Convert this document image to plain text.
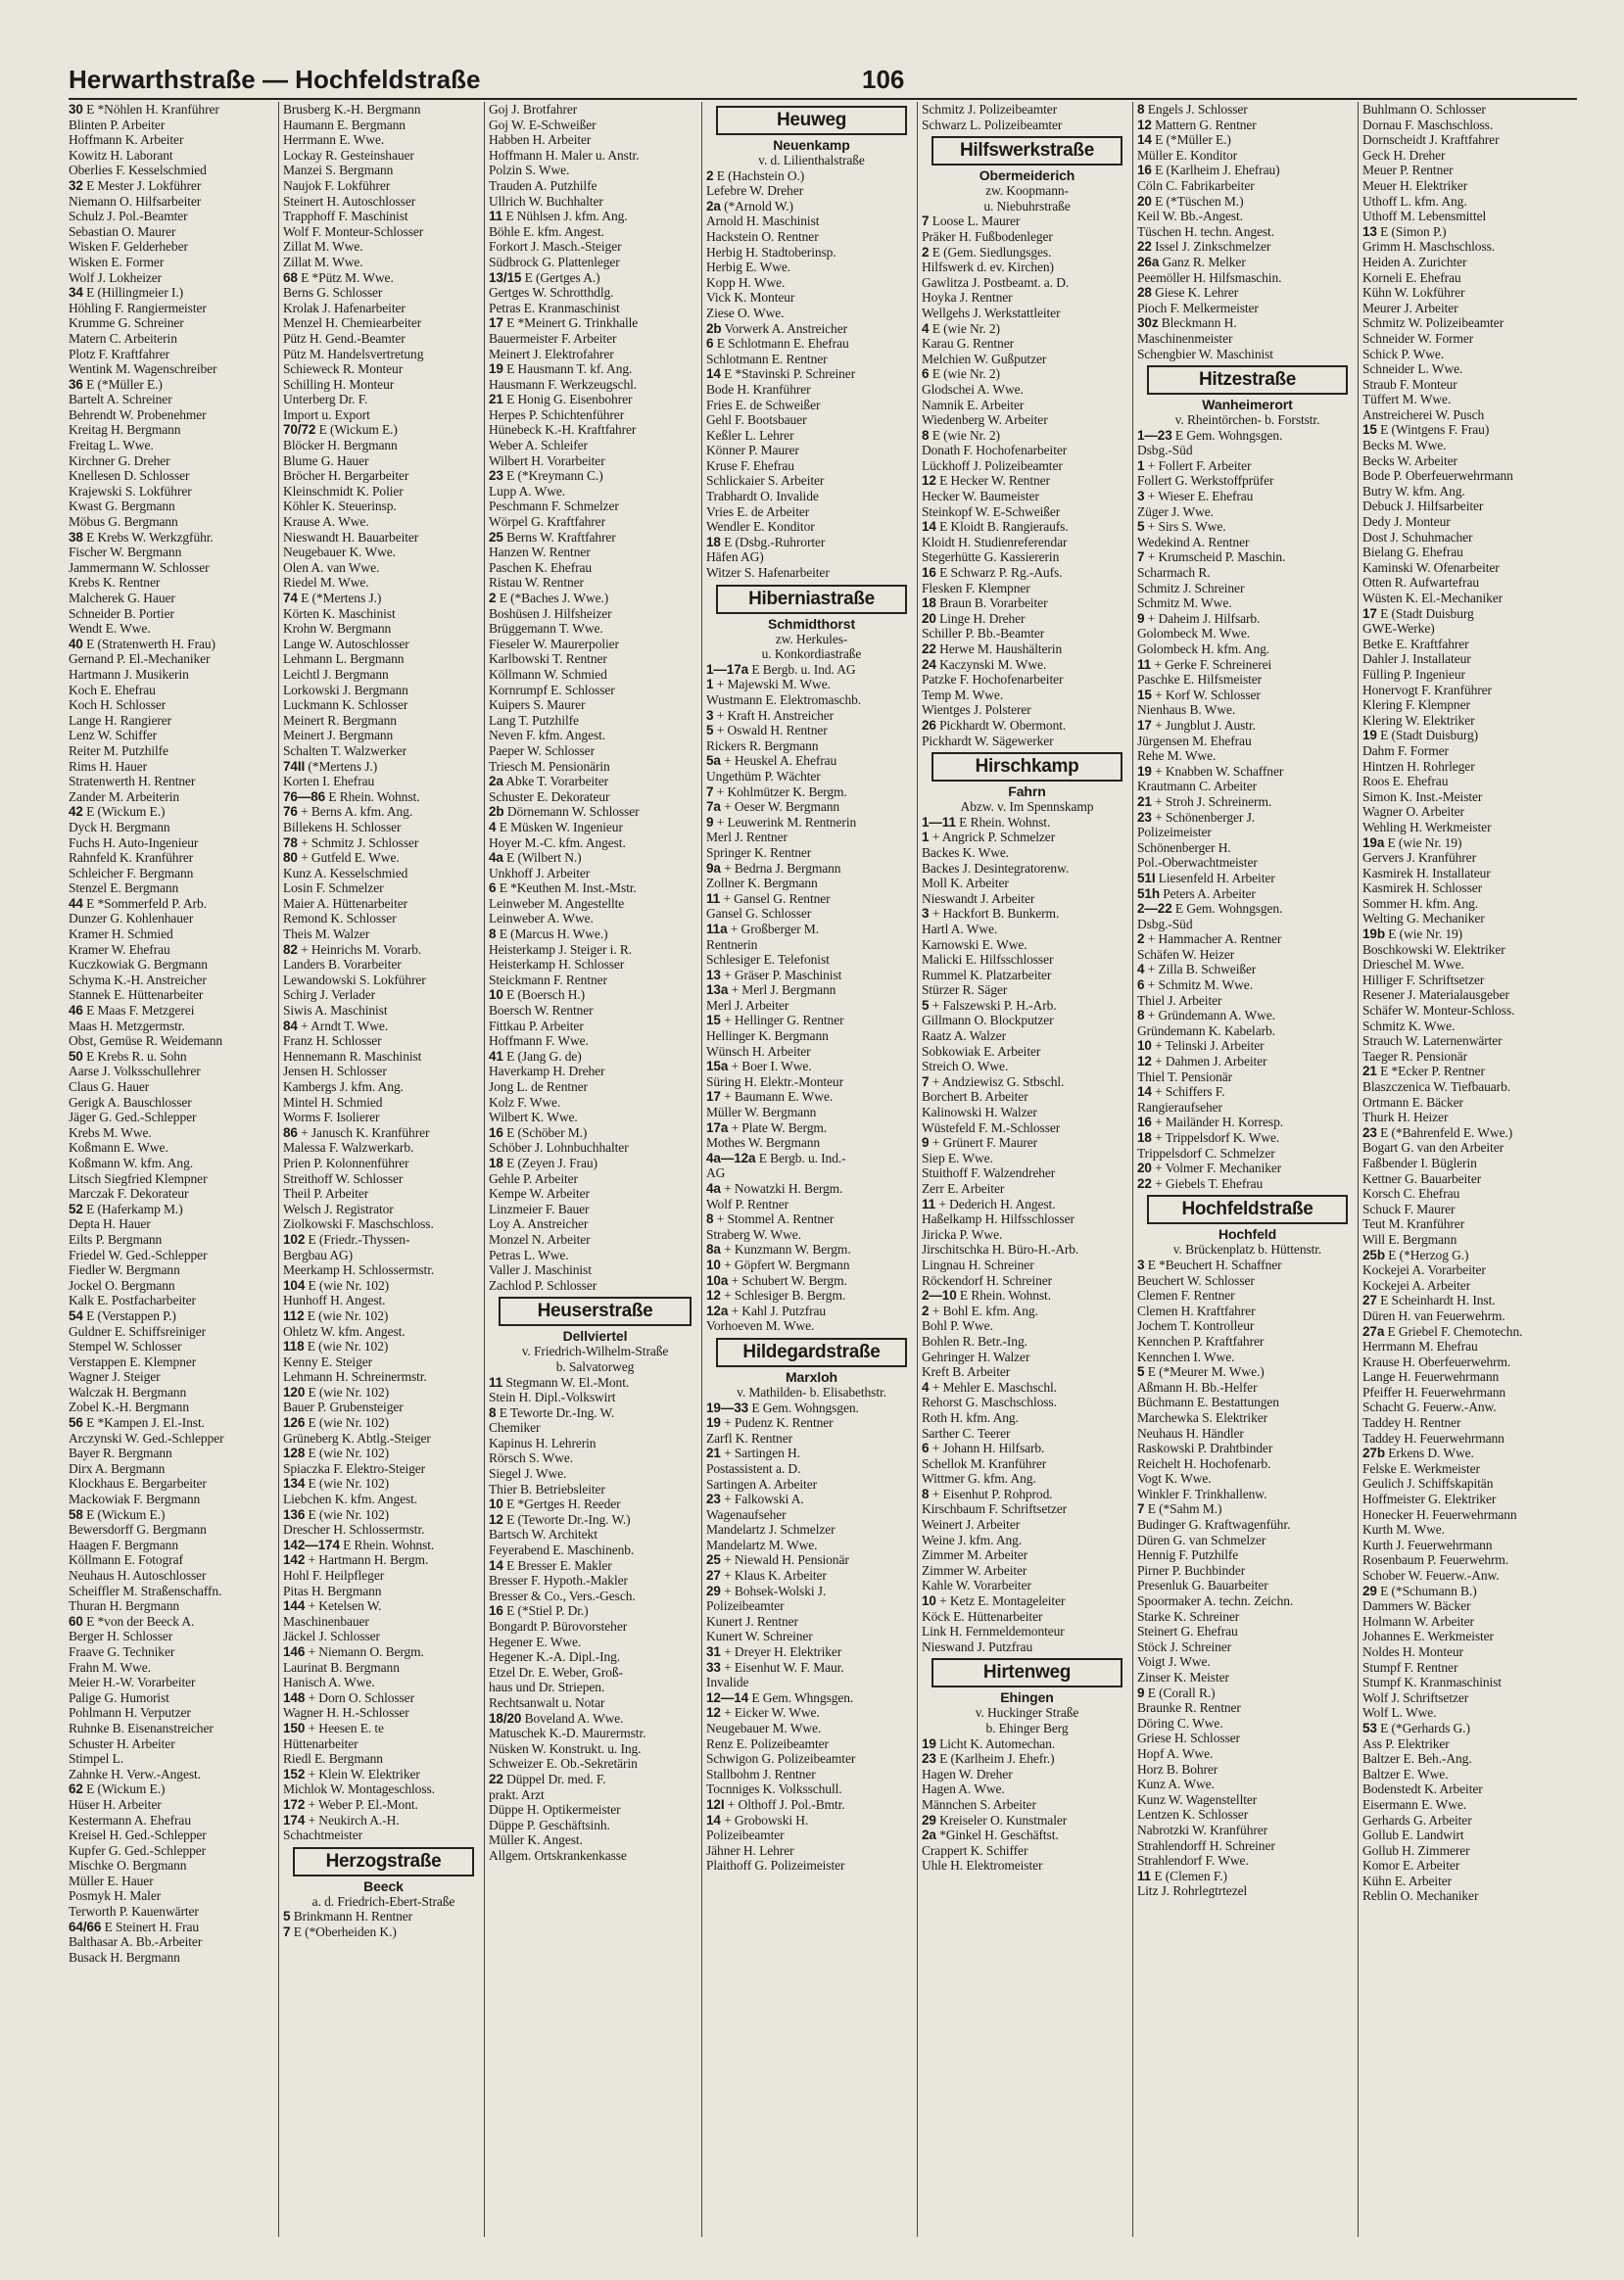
Herwarthstraße — Hochfeldstraße	106
30 E *Nöhlen H. Kranführer
Blinten P. Arbeiter
Hoffmann K. Arbeiter
Kowitz H. Laborant
Oberlies F. Kesselschmied
32 E Mester J. Lokführer
Niemann O. Hilfsarbeiter
Schulz J. Pol.-Beamter
Sebastian O. Maurer
Wisken F. Gelderheber
Wisken E. Former
Wolf J. Lokheizer
34 E (Hillingmeier I.)
Höhling F. Rangiermeister
Krumme G. Schreiner
Matern C. Arbeiterin
Plotz F. Kraftfahrer
Wentink M. Wagenschreiber
36 E (*Müller E.)
Bartelt A. Schreiner
Behrendt W. Probenehmer
Kreitag H. Bergmann
Freitag L. Wwe.
Kirchner G. Dreher
Knellesen D. Schlosser
Krajewski S. Lokführer
Kwast G. Bergmann
Möbus G. Bergmann
38 E Krebs W. Werkzgführ.
Fischer W. Bergmann
Jammermann W. Schlosser
Krebs K. Rentner
Malcherek G. Hauer
Schneider B. Portier
Wendt E. Wwe.
40 E (Stratenwerth H. Frau)
Gernand P. El.-Mechaniker
Hartmann J. Musikerin
Koch E. Ehefrau
Koch H. Schlosser
Lange H. Rangierer
Lenz W. Schiffer
Reiter M. Putzhilfe
Rims H. Hauer
Stratenwerth H. Rentner
Zander M. Arbeiterin
42 E (Wickum E.)
Dyck H. Bergmann
Fuchs H. Auto-Ingenieur
Rahnfeld K. Kranführer
Schleicher F. Bergmann
Stenzel E. Bergmann
44 E *Sommerfeld P. Arb.
Dunzer G. Kohlenhauer
Kramer H. Schmied
Kramer W. Ehefrau
Kuczkowiak G. Bergmann
Schyma K.-H. Anstreicher
Stannek E. Hüttenarbeiter
46 E Maas F. Metzgerei
Maas H. Metzgermstr.
Obst, Gemüse R. Weidemann
50 E Krebs R. u. Sohn
Aarse J. Volksschullehrer
Claus G. Hauer
Gerigk A. Bauschlosser
Jäger G. Ged.-Schlepper
Krebs M. Wwe.
Koßmann E. Wwe.
Koßmann W. kfm. Ang.
Litsch Siegfried Klempner
Marczak F. Dekorateur
52 E (Haferkamp M.)
Depta H. Hauer
Eilts P. Bergmann
Friedel W. Ged.-Schlepper
Fiedler W. Bergmann
Jockel O. Bergmann
Kalk E. Postfacharbeiter
54 E (Verstappen P.)
Guldner E. Schiffsreiniger
Stempel W. Schlosser
Verstappen E. Klempner
Wagner J. Steiger
Walczak H. Bergmann
Zobel K.-H. Bergmann
56 E *Kampen J. El.-Inst.
Arczynski W. Ged.-Schlepper
Bayer R. Bergmann
Dirx A. Bergmann
Klockhaus E. Bergarbeiter
Mackowiak F. Bergmann
58 E (Wickum E.)
Bewersdorff G. Bergmann
Haagen F. Bergmann
Köllmann E. Fotograf
Neuhaus H. Autoschlosser
Scheiffler M. Straßenschaffn.
Thuran H. Bergmann
60 E *von der Beeck A.
Berger H. Schlosser
Fraave G. Techniker
Frahn M. Wwe.
Meier H.-W. Vorarbeiter
Palige G. Humorist
Pohlmann H. Verputzer
Ruhnke B. Eisenanstreicher
Schuster H. Arbeiter
Stimpel L.
Zahnke H. Verw.-Angest.
62 E (Wickum E.)
Hüser H. Arbeiter
Kestermann A. Ehefrau
Kreisel H. Ged.-Schlepper
Kupfer G. Ged.-Schlepper
Mischke O. Bergmann
Müller E. Hauer
Posmyk H. Maler
Terworth P. Kauenwärter
64/66 E Steinert H. Frau
Balthasar A. Bb.-Arbeiter
Busack H. Bergmann
Brusberg K.-H. Bergmann
Haumann E. Bergmann
Herrmann E. Wwe.
Lockay R. Gesteinshauer
Manzei S. Bergmann
Naujok F. Lokführer
Steinert H. Autoschlosser
Trapphoff F. Maschinist
Wolf F. Monteur-Schlosser
Zillat M. Wwe.
Zillat M. Wwe.
68 E *Pütz M. Wwe.
Berns G. Schlosser
Krolak J. Hafenarbeiter
Menzel H. Chemiearbeiter
Pütz H. Gend.-Beamter
Pütz M. Handelsvertretung
Schieweck R. Monteur
Schilling H. Monteur
Unterberg Dr. F.
Import u. Export
70/72 E (Wickum E.)
Blöcker H. Bergmann
Blume G. Hauer
Bröcher H. Bergarbeiter
Kleinschmidt K. Polier
Köhler K. Steuerinsp.
Krause A. Wwe.
Nieswandt H. Bauarbeiter
Neugebauer K. Wwe.
Olen A. van Wwe.
Riedel M. Wwe.
74 E (*Mertens J.)
Körten K. Maschinist
Krohn W. Bergmann
Lange W. Autoschlosser
Lehmann L. Bergmann
Leichtl J. Bergmann
Lorkowski J. Bergmann
Luckmann K. Schlosser
Meinert R. Bergmann
Meinert J. Bergmann
Schalten T. Walzwerker
74II (*Mertens J.)
Korten I. Ehefrau
76—86 E Rhein. Wohnst.
76 + Berns A. kfm. Ang.
Billekens H. Schlosser
78 + Schmitz J. Schlosser
80 + Gutfeld E. Wwe.
Kunz A. Kesselschmied
Losin F. Schmelzer
Maier A. Hüttenarbeiter
Remond K. Schlosser
Theis M. Walzer
82 + Heinrichs M. Vorarb.
Landers B. Vorarbeiter
Lewandowski S. Lokführer
Schirg J. Verlader
Siwis A. Maschinist
84 + Arndt T. Wwe.
Franz H. Schlosser
Hennemann R. Maschinist
Jensen H. Schlosser
Kambergs J. kfm. Ang.
Mintel H. Schmied
Worms F. Isolierer
86 + Janusch K. Kranführer
Malessa F. Walzwerkarb.
Prien P. Kolonnenführer
Streithoff W. Schlosser
Theil P. Arbeiter
Welsch J. Registrator
Ziolkowski F. Maschschloss.
102 E (Friedr.-Thyssen-
Bergbau AG)
Meerkamp H. Schlossermstr.
104 E (wie Nr. 102)
Hunhoff H. Angest.
112 E (wie Nr. 102)
Ohletz W. kfm. Angest.
118 E (wie Nr. 102)
Kenny E. Steiger
Lehmann H. Schreinermstr.
120 E (wie Nr. 102)
Bauer P. Grubensteiger
126 E (wie Nr. 102)
Grüneberg K. Abtlg.-Steiger
128 E (wie Nr. 102)
Spiaczka F. Elektro-Steiger
134 E (wie Nr. 102)
Liebchen K. kfm. Angest.
136 E (wie Nr. 102)
Drescher H. Schlossermstr.
142—174 E Rhein. Wohnst.
142 + Hartmann H. Bergm.
Hohl F. Heilpfleger
Pitas H. Bergmann
144 + Ketelsen W.
Maschinenbauer
Jäckel J. Schlosser
146 + Niemann O. Bergm.
Laurinat B. Bergmann
Hanisch A. Wwe.
148 + Dorn O. Schlosser
Wagner H. H.-Schlosser
150 + Heesen E. te
Hüttenarbeiter
Riedl E. Bergmann
152 + Klein W. Elektriker
Michlok W. Montageschloss.
172 + Weber P. El.-Mont.
174 + Neukirch A.-H.
Schachtmeister
Herzogstraße
Beeck
a. d. Friedrich-Ebert-Straße
5 Brinkmann H. Rentner
7 E (*Oberheiden K.)
Goj J. Brotfahrer
Goj W. E-Schweißer
Habben H. Arbeiter
Hoffmann H. Maler u. Anstr.
Polzin S. Wwe.
Trauden A. Putzhilfe
Ullrich W. Buchhalter
11 E Nühlsen J. kfm. Ang.
Böhle E. kfm. Angest.
Forkort J. Masch.-Steiger
Südbrock G. Plattenleger
13/15 E (Gertges A.)
Gertges W. Schrotthdlg.
Petras E. Kranmaschinist
17 E *Meinert G. Trinkhalle
Bauermeister F. Arbeiter
Meinert J. Elektrofahrer
19 E Hausmann T. kf. Ang.
Hausmann F. Werkzeugschl.
21 E Honig G. Eisenbohrer
Herpes P. Schichtenführer
Hünebeck K.-H. Kraftfahrer
Weber A. Schleifer
Wilbert H. Vorarbeiter
23 E (*Kreymann C.)
Lupp A. Wwe.
Peschmann F. Schmelzer
Wörpel G. Kraftfahrer
25 Berns W. Kraftfahrer
Hanzen W. Rentner
Paschen K. Ehefrau
Ristau W. Rentner
2 E (*Baches J. Wwe.)
Boshüsen J. Hilfsheizer
Brüggemann T. Wwe.
Fieseler W. Maurerpolier
Karlbowski T. Rentner
Köllmann W. Schmied
Kornrumpf E. Schlosser
Kuipers S. Maurer
Lang T. Putzhilfe
Neven F. kfm. Angest.
Paeper W. Schlosser
Triesch M. Pensionärin
2a Abke T. Vorarbeiter
Schuster E. Dekorateur
2b Dörnemann W. Schlosser
4 E Müsken W. Ingenieur
Hoyer M.-C. kfm. Angest.
4a E (Wilbert N.)
Unkhoff J. Arbeiter
6 E *Keuthen M. Inst.-Mstr.
Leinweber M. Angestellte
Leinweber A. Wwe.
8 E (Marcus H. Wwe.)
Heisterkamp J. Steiger i. R.
Heisterkamp H. Schlosser
Steickmann F. Rentner
10 E (Boersch H.)
Boersch W. Rentner
Fittkau P. Arbeiter
Hoffmann F. Wwe.
41 E (Jang G. de)
Haverkamp H. Dreher
Jong L. de Rentner
Kolz F. Wwe.
Wilbert K. Wwe.
16 E (Schöber M.)
Schöber J. Lohnbuchhalter
18 E (Zeyen J. Frau)
Gehle P. Arbeiter
Kempe W. Arbeiter
Linzmeier F. Bauer
Loy A. Anstreicher
Monzel N. Arbeiter
Petras L. Wwe.
Valler J. Maschinist
Zachlod P. Schlosser
Heuserstraße
Dellviertel
v. Friedrich-Wilhelm-Straße
b. Salvatorweg
11 Stegmann W. El.-Mont.
Stein H. Dipl.-Volkswirt
8 E Teworte Dr.-Ing. W.
Chemiker
Kapinus H. Lehrerin
Rörsch S. Wwe.
Siegel J. Wwe.
Thier B. Betriebsleiter
10 E *Gertges H. Reeder
12 E (Teworte Dr.-Ing. W.)
Bartsch W. Architekt
Feyerabend E. Maschinenb.
14 E Bresser E. Makler
Bresser F. Hypoth.-Makler
Bresser & Co., Vers.-Gesch.
16 E (*Stiel P. Dr.)
Bongardt P. Bürovorsteher
Hegener E. Wwe.
Hegener K.-A. Dipl.-Ing.
Etzel Dr. E. Weber, Groß-
haus und Dr. Striepen.
Rechtsanwalt u. Notar
18/20 Boveland A. Wwe.
Matuschek K.-D. Maurermstr.
Nüsken W. Konstrukt. u. Ing.
Schweizer E. Ob.-Sekretärin
22 Düppel Dr. med. F.
prakt. Arzt
Düppe H. Optikermeister
Düppe P. Geschäftsinh.
Müller K. Angest.
Allgem. Ortskrankenkasse
Heuweg
Neuenkamp
v. d. Lilienthalstraße
2 E (Hachstein O.)
Lefebre W. Dreher
2a (*Arnold W.)
Arnold H. Maschinist
Hackstein O. Rentner
Herbig H. Stadtoberinsp.
Herbig E. Wwe.
Kopp H. Wwe.
Vick K. Monteur
Ziese O. Wwe.
2b Vorwerk A. Anstreicher
6 E Schlotmann E. Ehefrau
Schlotmann E. Rentner
14 E *Stavinski P. Schreiner
Bode H. Kranführer
Fries E. de Schweißer
Gehl F. Bootsbauer
Keßler L. Lehrer
Könner P. Maurer
Kruse F. Ehefrau
Schlickaier S. Arbeiter
Trabhardt O. Invalide
Vries E. de Arbeiter
Wendler E. Konditor
18 E (Dsbg.-Ruhrorter
Häfen AG)
Witzer S. Hafenarbeiter
Hiberniastraße
Schmidthorst
zw. Herkules-
u. Konkordiastraße
1—17a E Bergb. u. Ind. AG
1 + Majewski M. Wwe.
Wustmann E. Elektromaschb.
3 + Kraft H. Anstreicher
5 + Oswald H. Rentner
Rickers R. Bergmann
5a + Heuskel A. Ehefrau
Ungethüm P. Wächter
7 + Kohlmützer K. Bergm.
7a + Oeser W. Bergmann
9 + Leuwerink M. Rentnerin
Merl J. Rentner
Springer K. Rentner
9a + Bedrna J. Bergmann
Zollner K. Bergmann
11 + Gansel G. Rentner
Gansel G. Schlosser
11a + Großberger M.
Rentnerin
Schlesiger E. Telefonist
13 + Gräser P. Maschinist
13a + Merl J. Bergmann
Merl J. Arbeiter
15 + Hellinger G. Rentner
Hellinger K. Bergmann
Wünsch H. Arbeiter
15a + Boer I. Wwe.
Süring H. Elektr.-Monteur
17 + Baumann E. Wwe.
Müller W. Bergmann
17a + Plate W. Bergm.
Mothes W. Bergmann
4a—12a E Bergb. u. Ind.-
AG
4a + Nowatzki H. Bergm.
Wolf P. Rentner
8 + Stommel A. Rentner
Straberg W. Wwe.
8a + Kunzmann W. Bergm.
10 + Göpfert W. Bergmann
10a + Schubert W. Bergm.
12 + Schlesiger B. Bergm.
12a + Kahl J. Putzfrau
Vorhoeven M. Wwe.
Hildegardstraße
Marxloh
v. Mathilden- b. Elisabethstr.
19—33 E Gem. Wohngsgen.
19 + Pudenz K. Rentner
Zarfl K. Rentner
21 + Sartingen H.
Postassistent a. D.
Sartingen A. Arbeiter
23 + Falkowski A.
Wagenaufseher
Mandelartz J. Schmelzer
Mandelartz M. Wwe.
25 + Niewald H. Pensionär
27 + Klaus K. Arbeiter
29 + Bohsek-Wolski J.
Polizeibeamter
Kunert J. Rentner
Kunert W. Schreiner
31 + Dreyer H. Elektriker
33 + Eisenhut W. F. Maur.
Invalide
12—14 E Gem. Whngsgen.
12 + Eicker W. Wwe.
Neugebauer M. Wwe.
Renz E. Polizeibeamter
Schwigon G. Polizeibeamter
Stallbohm J. Rentner
Tocnniges K. Volksschull.
12I + Olthoff J. Pol.-Bmtr.
14 + Grobowski H.
Polizeibeamter
Jähner H. Lehrer
Plaithoff G. Polizeimeister
Schmitz J. Polizeibeamter
Schwarz L. Polizeibeamter
Hilfswerkstraße
Obermeiderich
zw. Koopmann-
u. Niebuhrstraße
7 Loose L. Maurer
Präker H. Fußbodenleger
2 E (Gem. Siedlungsges.
Hilfswerk d. ev. Kirchen)
Gawlitza J. Postbeamt. a. D.
Hoyka J. Rentner
Wellgehs J. Werkstattleiter
4 E (wie Nr. 2)
Karau G. Rentner
Melchien W. Gußputzer
6 E (wie Nr. 2)
Glodschei A. Wwe.
Namnik E. Arbeiter
Wiedenberg W. Arbeiter
8 E (wie Nr. 2)
Donath F. Hochofenarbeiter
Lückhoff J. Polizeibeamter
12 E Hecker W. Rentner
Hecker W. Baumeister
Steinkopf W. E-Schweißer
14 E Kloidt B. Rangieraufs.
Kloidt H. Studienreferendar
Stegerhütte G. Kassiererin
16 E Schwarz P. Rg.-Aufs.
Flesken F. Klempner
18 Braun B. Vorarbeiter
20 Linge H. Dreher
Schiller P. Bb.-Beamter
22 Herwe M. Haushälterin
24 Kaczynski M. Wwe.
Patzke F. Hochofenarbeiter
Temp M. Wwe.
Wientges J. Polsterer
26 Pickhardt W. Obermont.
Pickhardt W. Sägewerker
Hirschkamp
Fahrn
Abzw. v. Im Spennskamp
1—11 E Rhein. Wohnst.
1 + Angrick P. Schmelzer
Backes K. Wwe.
Backes J. Desintegratorenw.
Moll K. Arbeiter
Nieswandt J. Arbeiter
3 + Hackfort B. Bunkerm.
Hartl A. Wwe.
Karnowski E. Wwe.
Malicki E. Hilfsschlosser
Rummel K. Platzarbeiter
Stürzer R. Säger
5 + Falszewski P. H.-Arb.
Gillmann O. Blockputzer
Raatz A. Walzer
Sobkowiak E. Arbeiter
Streich O. Wwe.
7 + Andziewisz G. Stbschl.
Borchert B. Arbeiter
Kalinowski H. Walzer
Wüstefeld F. M.-Schlosser
9 + Grünert F. Maurer
Siep E. Wwe.
Stuithoff F. Walzendreher
Zerr E. Arbeiter
11 + Dederich H. Angest.
Haßelkamp H. Hilfsschlosser
Jiricka P. Wwe.
Jirschitschka H. Büro-H.-Arb.
Lingnau H. Schreiner
Röckendorf H. Schreiner
2—10 E Rhein. Wohnst.
2 + Bohl E. kfm. Ang.
Bohl P. Wwe.
Bohlen R. Betr.-Ing.
Gehringer H. Walzer
Kreft B. Arbeiter
4 + Mehler E. Maschschl.
Rehorst G. Maschschloss.
Roth H. kfm. Ang.
Sarther C. Teerer
6 + Johann H. Hilfsarb.
Schellok M. Kranführer
Wittmer G. kfm. Ang.
8 + Eisenhut P. Rohprod.
Kirschbaum F. Schriftsetzer
Weinert J. Arbeiter
Weine J. kfm. Ang.
Zimmer M. Arbeiter
Zimmer W. Arbeiter
Kahle W. Vorarbeiter
10 + Ketz E. Montageleiter
Köck E. Hüttenarbeiter
Link H. Fernmeldemonteur
Nieswand J. Putzfrau
Hirtenweg
Ehingen
v. Huckinger Straße
b. Ehinger Berg
19 Licht K. Automechan.
23 E (Karlheim J. Ehefr.)
Hagen W. Dreher
Hagen A. Wwe.
Männchen S. Arbeiter
29 Kreiseler O. Kunstmaler
2a *Ginkel H. Geschäftst.
Crappert K. Schiffer
Uhle H. Elektromeister
8 Engels J. Schlosser
12 Mattern G. Rentner
14 E (*Müller E.)
Müller E. Konditor
16 E (Karlheim J. Ehefrau)
Cöln C. Fabrikarbeiter
20 E (*Tüschen M.)
Keil W. Bb.-Angest.
Tüschen H. techn. Angest.
22 Issel J. Zinkschmelzer
26a Ganz R. Melker
Peemöller H. Hilfsmaschin.
28 Giese K. Lehrer
Pioch F. Melkermeister
30z Bleckmann H.
Maschinenmeister
Schengbier W. Maschinist
Hitzestraße
Wanheimerort
v. Rheintörchen- b. Forststr.
1—23 E Gem. Wohngsgen.
Dsbg.-Süd
1 + Follert F. Arbeiter
Follert G. Werkstoffprüfer
3 + Wieser E. Ehefrau
Züger J. Wwe.
5 + Sirs S. Wwe.
Wedekind A. Rentner
7 + Krumscheid P. Maschin.
Scharmach R.
Schmitz J. Schreiner
Schmitz M. Wwe.
9 + Daheim J. Hilfsarb.
Golombeck M. Wwe.
Golombeck H. kfm. Ang.
11 + Gerke F. Schreinerei
Paschke E. Hilfsmeister
15 + Korf W. Schlosser
Nienhaus B. Wwe.
17 + Jungblut J. Austr.
Jürgensen M. Ehefrau
Rehe M. Wwe.
19 + Knabben W. Schaffner
Krautmann C. Arbeiter
21 + Stroh J. Schreinerm.
23 + Schönenberger J.
Polizeimeister
Schönenberger H.
Pol.-Oberwachtmeister
51I Liesenfeld H. Arbeiter
51h Peters A. Arbeiter
2—22 E Gem. Wohngsgen.
Dsbg.-Süd
2 + Hammacher A. Rentner
Schäfen W. Heizer
4 + Zilla B. Schweißer
6 + Schmitz M. Wwe.
Thiel J. Arbeiter
8 + Gründemann A. Wwe.
Gründemann K. Kabelarb.
10 + Telinski J. Arbeiter
12 + Dahmen J. Arbeiter
Thiel T. Pensionär
14 + Schiffers F.
Rangieraufseher
16 + Mailänder H. Korresp.
18 + Trippelsdorf K. Wwe.
Trippelsdorf C. Schmelzer
20 + Volmer F. Mechaniker
22 + Giebels T. Ehefrau
Hochfeldstraße
Hochfeld
v. Brückenplatz b. Hüttenstr.
3 E *Beuchert H. Schaffner
Beuchert W. Schlosser
Clemen F. Rentner
Clemen H. Kraftfahrer
Jochem T. Kontrolleur
Kennchen P. Kraftfahrer
Kennchen I. Wwe.
5 E (*Meurer M. Wwe.)
Aßmann H. Bb.-Helfer
Büchmann E. Bestattungen
Marchewka S. Elektriker
Neuhaus H. Händler
Raskowski P. Drahtbinder
Reichelt H. Hochofenarb.
Vogt K. Wwe.
Winkler F. Trinkhallenw.
7 E (*Sahm M.)
Budinger G. Kraftwagenführ.
Düren G. van Schmelzer
Hennig F. Putzhilfe
Pirner P. Buchbinder
Presenluk G. Bauarbeiter
Spoormaker A. techn. Zeichn.
Starke K. Schreiner
Steinert G. Ehefrau
Stöck J. Schreiner
Voigt J. Wwe.
Zinser K. Meister
9 E (Corall R.)
Braunke R. Rentner
Döring C. Wwe.
Griese H. Schlosser
Hopf A. Wwe.
Horz B. Bohrer
Kunz A. Wwe.
Kunz W. Wagenstellter
Lentzen K. Schlosser
Nabrotzki W. Kranführer
Strahlendorff H. Schreiner
Strahlendorf F. Wwe.
11 E (Clemen F.)
Litz J. Rohrlegtrtezel
Buhlmann O. Schlosser
Dornau F. Maschschloss.
Dornscheidt J. Kraftfahrer
Geck H. Dreher
Meuer P. Rentner
Meuer H. Elektriker
Uthoff L. kfm. Ang.
Uthoff M. Lebensmittel
13 E (Simon P.)
Grimm H. Maschschloss.
Heiden A. Zurichter
Korneli E. Ehefrau
Kühn W. Lokführer
Meurer J. Arbeiter
Schmitz W. Polizeibeamter
Schneider W. Former
Schick P. Wwe.
Schneider L. Wwe.
Straub F. Monteur
Tüffert M. Wwe.
Anstreicherei W. Pusch
15 E (Wintgens F. Frau)
Becks M. Wwe.
Becks W. Arbeiter
Bode P. Oberfeuerwehrmann
Butry W. kfm. Ang.
Debuck J. Hilfsarbeiter
Dedy J. Monteur
Dost J. Schuhmacher
Bielang G. Ehefrau
Kaminski W. Ofenarbeiter
Otten R. Aufwartefrau
Wüsten K. El.-Mechaniker
17 E (Stadt Duisburg
GWE-Werke)
Betke E. Kraftfahrer
Dahler J. Installateur
Fülling P. Ingenieur
Honervogt F. Kranführer
Klering F. Klempner
Klering W. Elektriker
19 E (Stadt Duisburg)
Dahm F. Former
Hintzen H. Rohrleger
Roos E. Ehefrau
Simon K. Inst.-Meister
Wagner O. Arbeiter
Wehling H. Werkmeister
19a E (wie Nr. 19)
Gervers J. Kranführer
Kasmirek H. Installateur
Kasmirek H. Schlosser
Sommer H. kfm. Ang.
Welting G. Mechaniker
19b E (wie Nr. 19)
Boschkowski W. Elektriker
Drieschel M. Wwe.
Hilliger F. Schriftsetzer
Resener J. Materialausgeber
Schäfer W. Monteur-Schloss.
Schmitz K. Wwe.
Strauch W. Laternenwärter
Taeger R. Pensionär
21 E *Ecker P. Rentner
Blaszczenica W. Tiefbauarb.
Ortmann E. Bäcker
Thurk H. Heizer
23 E (*Bahrenfeld E. Wwe.)
Bogart G. van den Arbeiter
Faßbender I. Büglerin
Kettner G. Bauarbeiter
Korsch C. Ehefrau
Schuck F. Maurer
Teut M. Kranführer
Will E. Bergmann
25b E (*Herzog G.)
Kockejei A. Vorarbeiter
Kockejei A. Arbeiter
27 E Scheinhardt H. Inst.
Düren H. van Feuerwehrm.
27a E Griebel F. Chemotechn.
Herrmann M. Ehefrau
Krause H. Oberfeuerwehrm.
Lange H. Feuerwehrmann
Pfeiffer H. Feuerwehrmann
Schacht G. Feuerw.-Anw.
Taddey H. Rentner
Taddey H. Feuerwehrmann
27b Erkens D. Wwe.
Felske E. Werkmeister
Geulich J. Schiffskapitän
Hoffmeister G. Elektriker
Honecker H. Feuerwehrmann
Kurth M. Wwe.
Kurth J. Feuerwehrmann
Rosenbaum P. Feuerwehrm.
Schober W. Feuerw.-Anw.
29 E (*Schumann B.)
Dammers W. Bäcker
Holmann W. Arbeiter
Johannes E. Werkmeister
Noldes H. Monteur
Stumpf F. Rentner
Stumpf K. Kranmaschinist
Wolf J. Schriftsetzer
Wolf L. Wwe.
53 E (*Gerhards G.)
Ass P. Elektriker
Baltzer E. Beh.-Ang.
Baltzer E. Wwe.
Bodenstedt K. Arbeiter
Eisermann E. Wwe.
Gerhards G. Arbeiter
Gollub E. Landwirt
Gollub H. Zimmerer
Komor E. Arbeiter
Kühn E. Arbeiter
Reblin O. Mechaniker
